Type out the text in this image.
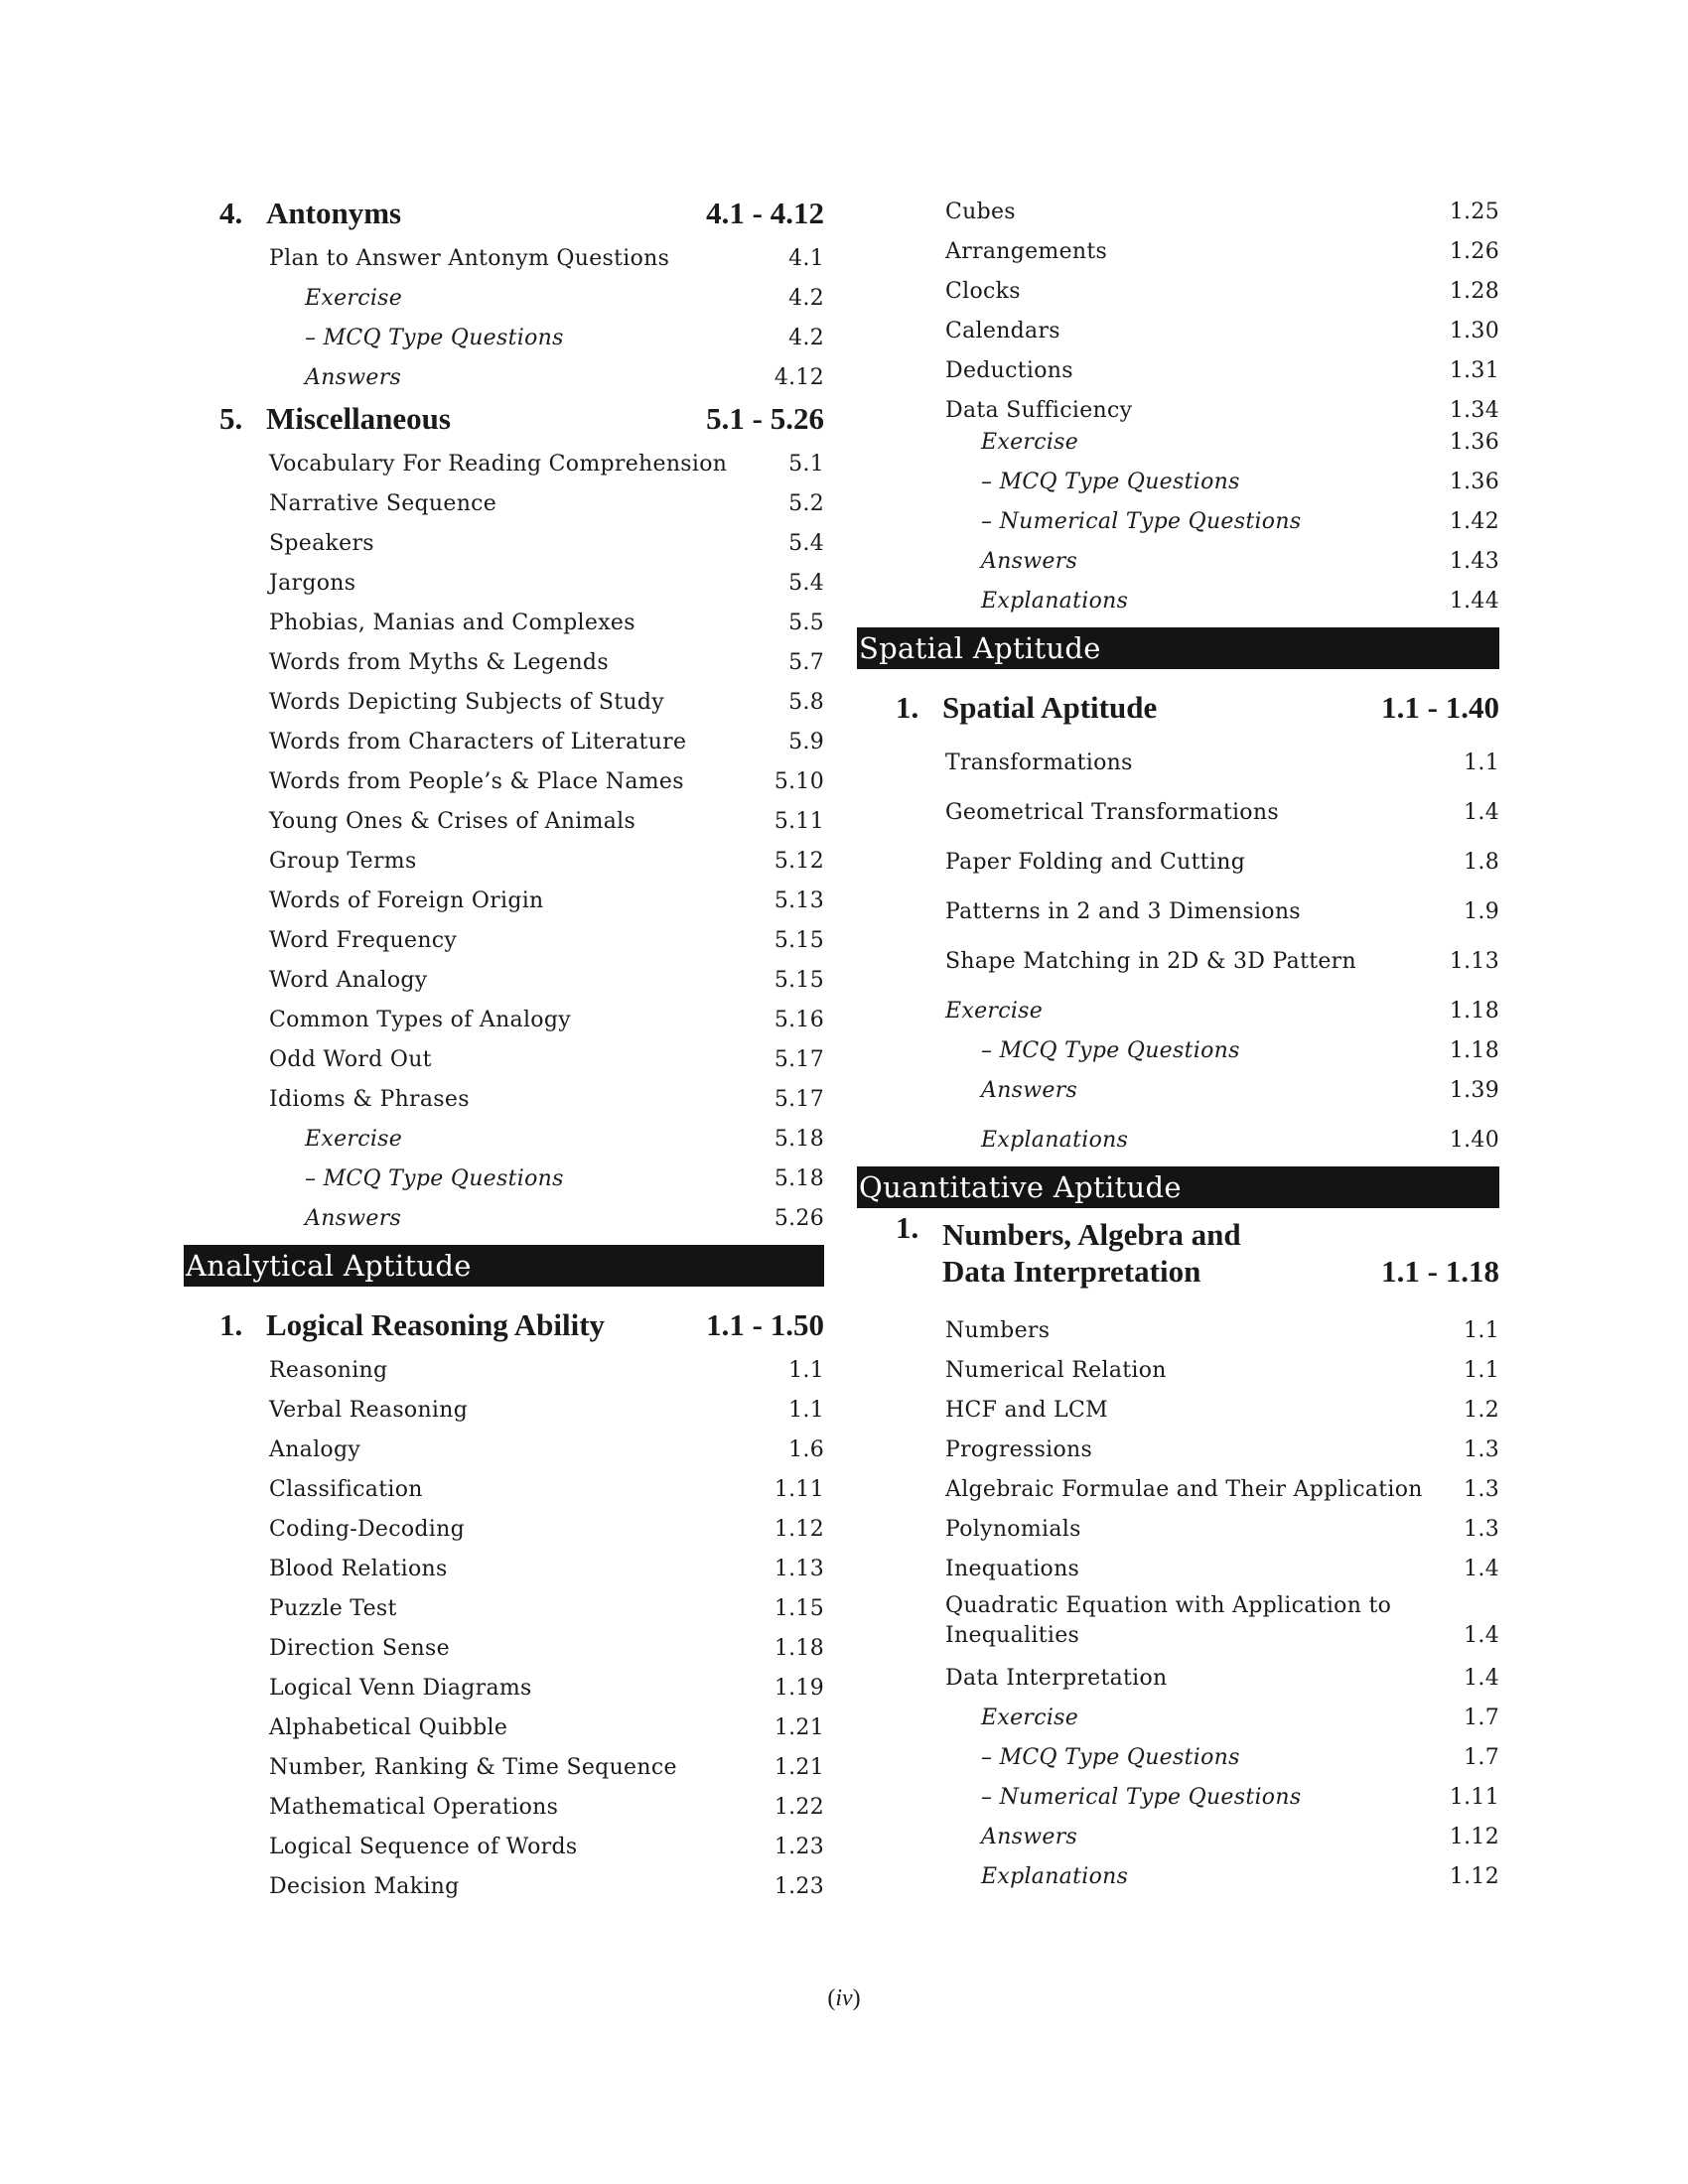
4. Antonyms	4.1 - 4.12
Plan to Answer Antonym Questions	4.1
Exercise	4.2
– MCQ Type Questions	4.2
Answers	4.12
5. Miscellaneous	5.1 - 5.26
Vocabulary For Reading Comprehension	5.1
Narrative Sequence	5.2
Speakers	5.4
Jargons	5.4
Phobias, Manias and Complexes	5.5
Words from Myths & Legends	5.7
Words Depicting Subjects of Study	5.8
Words from Characters of Literature	5.9
Words from People’s & Place Names	5.10
Young Ones & Crises of Animals	5.11
Group Terms	5.12
Words of Foreign Origin	5.13
Word Frequency	5.15
Word Analogy	5.15
Common Types of Analogy	5.16
Odd Word Out	5.17
Idioms & Phrases	5.17
Exercise	5.18
– MCQ Type Questions	5.18
Answers	5.26
Analytical Aptitude
1. Logical Reasoning Ability	1.1 - 1.50
Reasoning	1.1
Verbal Reasoning	1.1
Analogy	1.6
Classification	1.11
Coding-Decoding	1.12
Blood Relations	1.13
Puzzle Test	1.15
Direction Sense	1.18
Logical Venn Diagrams	1.19
Alphabetical Quibble	1.21
Number, Ranking & Time Sequence	1.21
Mathematical Operations	1.22
Logical Sequence of Words	1.23
Decision Making	1.23
Cubes	1.25
Arrangements	1.26
Clocks	1.28
Calendars	1.30
Deductions	1.31
Data Sufficiency	1.34
Exercise	1.36
– MCQ Type Questions	1.36
– Numerical Type Questions	1.42
Answers	1.43
Explanations	1.44
Spatial Aptitude
1. Spatial Aptitude	1.1 - 1.40
Transformations	1.1
Geometrical Transformations	1.4
Paper Folding and Cutting	1.8
Patterns in 2 and 3 Dimensions	1.9
Shape Matching in 2D & 3D Pattern	1.13
Exercise	1.18
– MCQ Type Questions	1.18
Answers	1.39
Explanations	1.40
Quantitative Aptitude
1. Numbers, Algebra and
Data Interpretation	1.1 - 1.18
Numbers	1.1
Numerical Relation	1.1
HCF and LCM	1.2
Progressions	1.3
Algebraic Formulae and Their Application 1.3
Polynomials	1.3
Inequations	1.4
Quadratic Equation with Application to Inequalities	1.4
Data Interpretation	1.4
Exercise	1.7
– MCQ Type Questions	1.7
– Numerical Type Questions	1.11
Answers	1.12
Explanations	1.12
(iv)
